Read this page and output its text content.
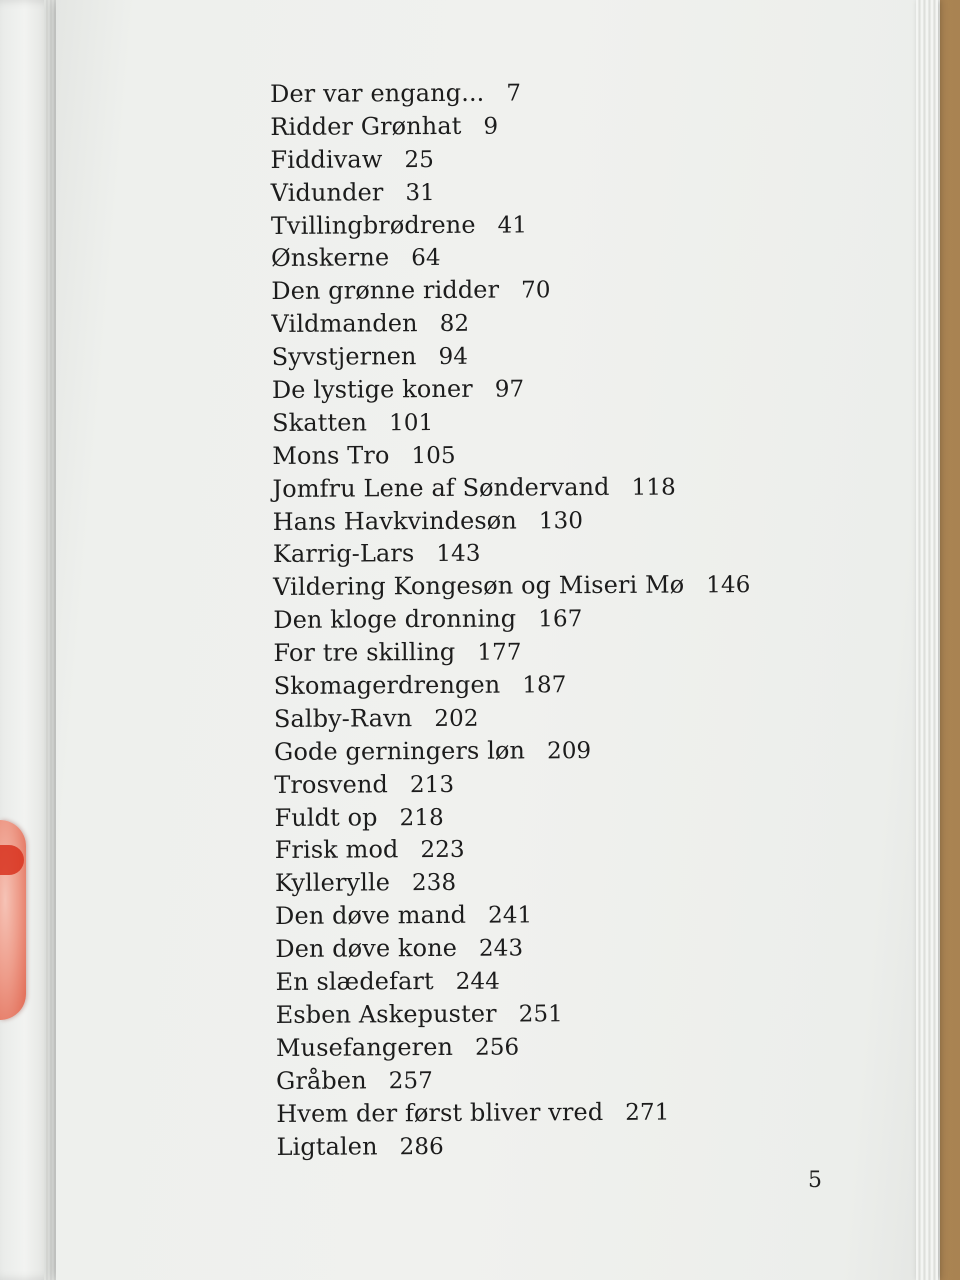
Der var engang... 7
Ridder Grønhat 9
Fiddivaw 25
Vidunder 31
Tvillingbrødrene 41
Ønskerne 64
Den grønne ridder 70
Vildmanden 82
Syvstjernen 94
De lystige koner 97
Skatten 101
Mons Tro 105
Jomfru Lene af Søndervand 118
Hans Havkvindesøn 130
Karrig-Lars 143
Vildering Kongesøn og Miseri Mø 146
Den kloge dronning 167
For tre skilling 177
Skomagerdrengen 187
Salby-Ravn 202
Gode gerningers løn 209
Trosvend 213
Fuldt op 218
Frisk mod 223
Kyllerylle 238
Den døve mand 241
Den døve kone 243
En slædefart 244
Esben Askepuster 251
Musefangeren 256
Gråben 257
Hvem der først bliver vred 271
Ligtalen 286
5
